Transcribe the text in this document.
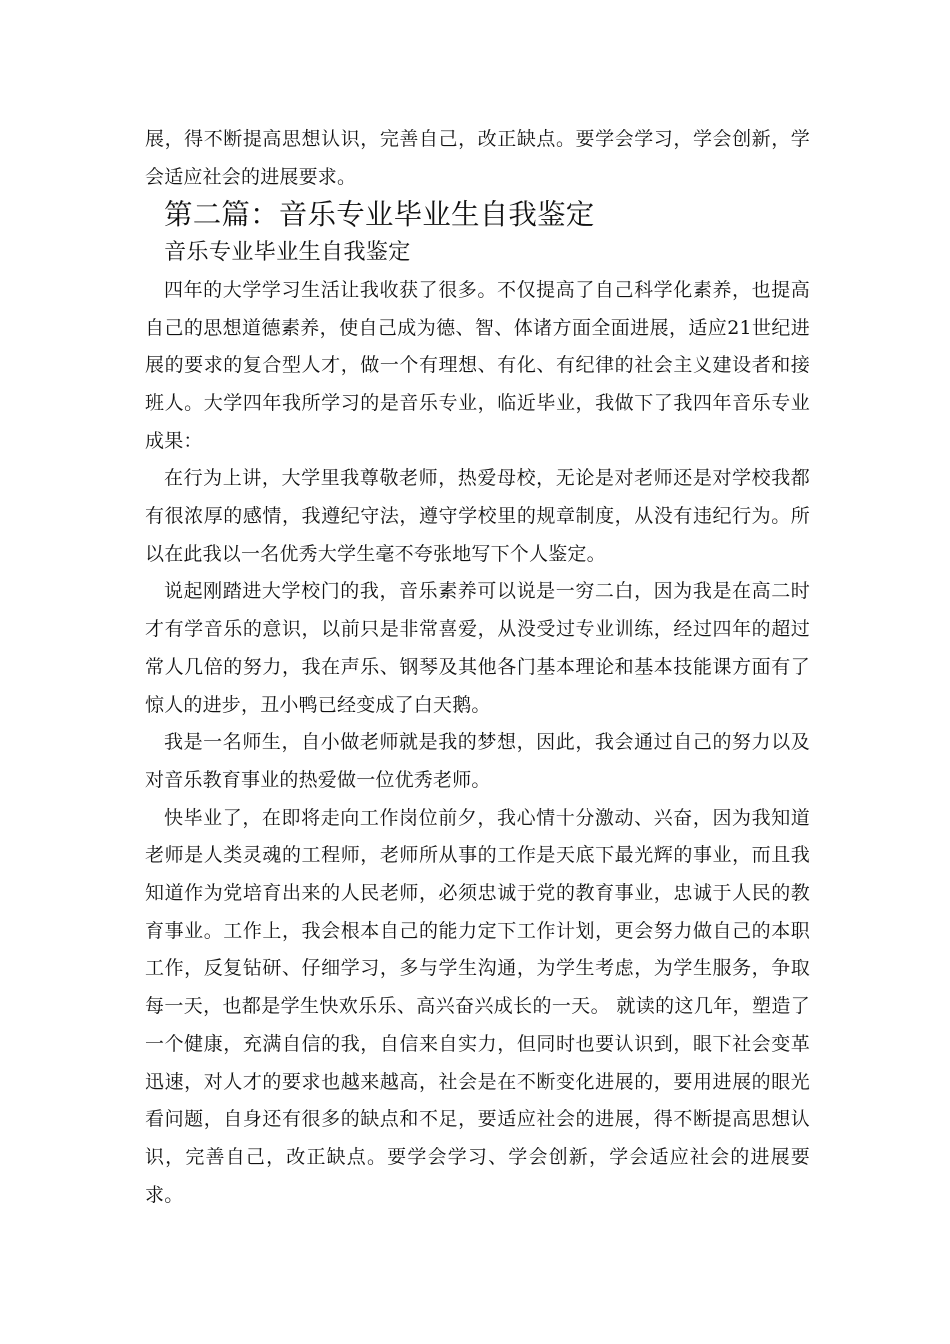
展，得不断提高思想认识，完善自己，改正缺点。要学会学习，学会创新，学会适应社会的进展要求。

第二篇：音乐专业毕业生自我鉴定
音乐专业毕业生自我鉴定

四年的大学学习生活让我收获了很多。不仅提高了自己科学化素养，也提高自己的思想道德素养，使自己成为德、智、体诸方面全面进展，适应21世纪进展的要求的复合型人才，做一个有理想、有化、有纪律的社会主义建设者和接班人。大学四年我所学习的是音乐专业，临近毕业，我做下了我四年音乐专业成果：

在行为上讲，大学里我尊敬老师，热爱母校，无论是对老师还是对学校我都有很浓厚的感情，我遵纪守法，遵守学校里的规章制度，从没有违纪行为。所以在此我以一名优秀大学生毫不夸张地写下个人鉴定。

说起刚踏进大学校门的我，音乐素养可以说是一穷二白，因为我是在高二时才有学音乐的意识，以前只是非常喜爱，从没受过专业训练，经过四年的超过常人几倍的努力，我在声乐、钢琴及其他各门基本理论和基本技能课方面有了惊人的进步，丑小鸭已经变成了白天鹅。

我是一名师生，自小做老师就是我的梦想，因此，我会通过自己的努力以及对音乐教育事业的热爱做一位优秀老师。

快毕业了，在即将走向工作岗位前夕，我心情十分激动、兴奋，因为我知道老师是人类灵魂的工程师，老师所从事的工作是天底下最光辉的事业，而且我知道作为党培育出来的人民老师，必须忠诚于党的教育事业，忠诚于人民的教育事业。工作上，我会根本自己的能力定下工作计划，更会努力做自己的本职工作，反复钻研、仔细学习，多与学生沟通，为学生考虑，为学生服务，争取每一天，也都是学生快欢乐乐、高兴奋兴成长的一天。 就读的这几年，塑造了一个健康，充满自信的我，自信来自实力，但同时也要认识到，眼下社会变革迅速，对人才的要求也越来越高，社会是在不断变化进展的，要用进展的眼光看问题，自身还有很多的缺点和不足，要适应社会的进展，得不断提高思想认识，完善自己，改正缺点。要学会学习、学会创新，学会适应社会的进展要求。
